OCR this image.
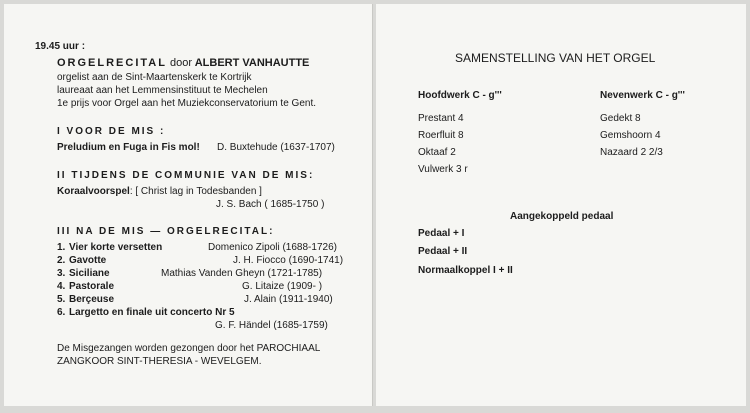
19.45 uur :
ORGELRECITAL door ALBERT VANHAUTTE
orgelist aan de Sint-Maartenskerk te Kortrijk
laureaat aan het Lemmensinstituut te Mechelen
1e prijs voor Orgel aan het Muziekconservatorium te Gent.
I VOOR DE MIS :
Preludium en Fuga in Fis mol! D. Buxtehude (1637-1707)
II TIJDENS DE COMMUNIE VAN DE MIS:
Koraalvoorspel: [ Christ lag in Todesbanden ]
J. S. Bach ( 1685-1750 )
III NA DE MIS — ORGELRECITAL:
1. Vier korte versetten	Domenico Zipoli (1688-1726)
2. Gavotte	J. H. Fiocco (1690-1741)
3. Siciliane	Mathias Vanden Gheyn (1721-1785)
4. Pastorale	G. Litaize (1909- )
5. Berçeuse	J. Alain (1911-1940)
6. Largetto en finale uit concerto Nr 5
G. F. Händel (1685-1759)
De Misgezangen worden gezongen door het PAROCHIAAL
ZANGKOOR SINT-THERESIA - WEVELGEM.
SAMENSTELLING VAN HET ORGEL
Hoofdwerk C - g'''
Prestant 4
Roerfluit 8
Oktaaf 2
Vulwerk 3 r
Nevenwerk C - g'''
Gedekt 8
Gemshoorn 4
Nazaard 2 2/3
Aangekoppeld pedaal
Pedaal + I
Pedaal + II
Normaalkoppel I + II
